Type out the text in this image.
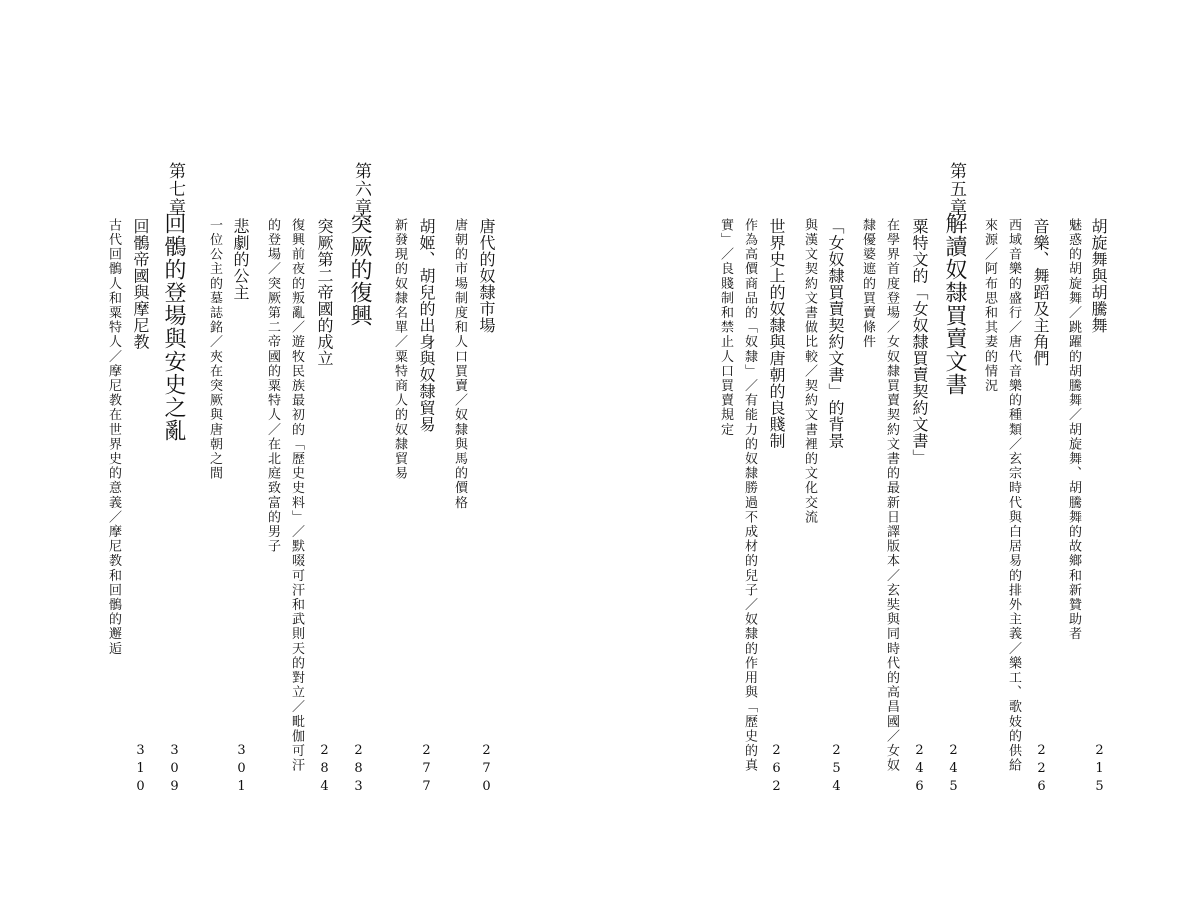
胡旋舞與胡騰舞
215
魅惑的胡旋舞／跳躍的胡騰舞／胡旋舞、胡騰舞的故鄉和新贊助者
音樂、舞蹈及主角們
226
西域音樂的盛行／唐代音樂的種類／玄宗時代與白居易的排外主義／樂工、歌妓的供給
來源／阿布思和其妻的情況
第五章
解讀奴隸買賣文書
245
粟特文的「女奴隸買賣契約文書」
246
在學界首度登場／女奴隸買賣契約文書的最新日譯版本／玄奘與同時代的高昌國／女奴
隸優婆遮的買賣條件
「女奴隸買賣契約文書」的背景
254
與漢文契約文書做比較／契約文書裡的文化交流
世界史上的奴隸與唐朝的良賤制
262
作為高價商品的「奴隸」／有能力的奴隸勝過不成材的兒子／奴隸的作用與「歷史的真
實」／良賤制和禁止人口買賣規定
唐代的奴隸市場
270
唐朝的市場制度和人口買賣／奴隸與馬的價格
胡姬、胡兒的出身與奴隸貿易
277
新發現的奴隸名單／粟特商人的奴隸貿易
第六章
突厥的復興
283
突厥第二帝國的成立
284
復興前夜的叛亂／遊牧民族最初的「歷史史料」／默啜可汗和武則天的對立／毗伽可汗
的登場／突厥第二帝國的粟特人／在北庭致富的男子
悲劇的公主
301
一位公主的墓誌銘／夾在突厥與唐朝之間
第七章
回鶻的登場與安史之亂
309
回鶻帝國與摩尼教
310
古代回鶻人和粟特人／摩尼教在世界史的意義／摩尼教和回鶻的邂逅
